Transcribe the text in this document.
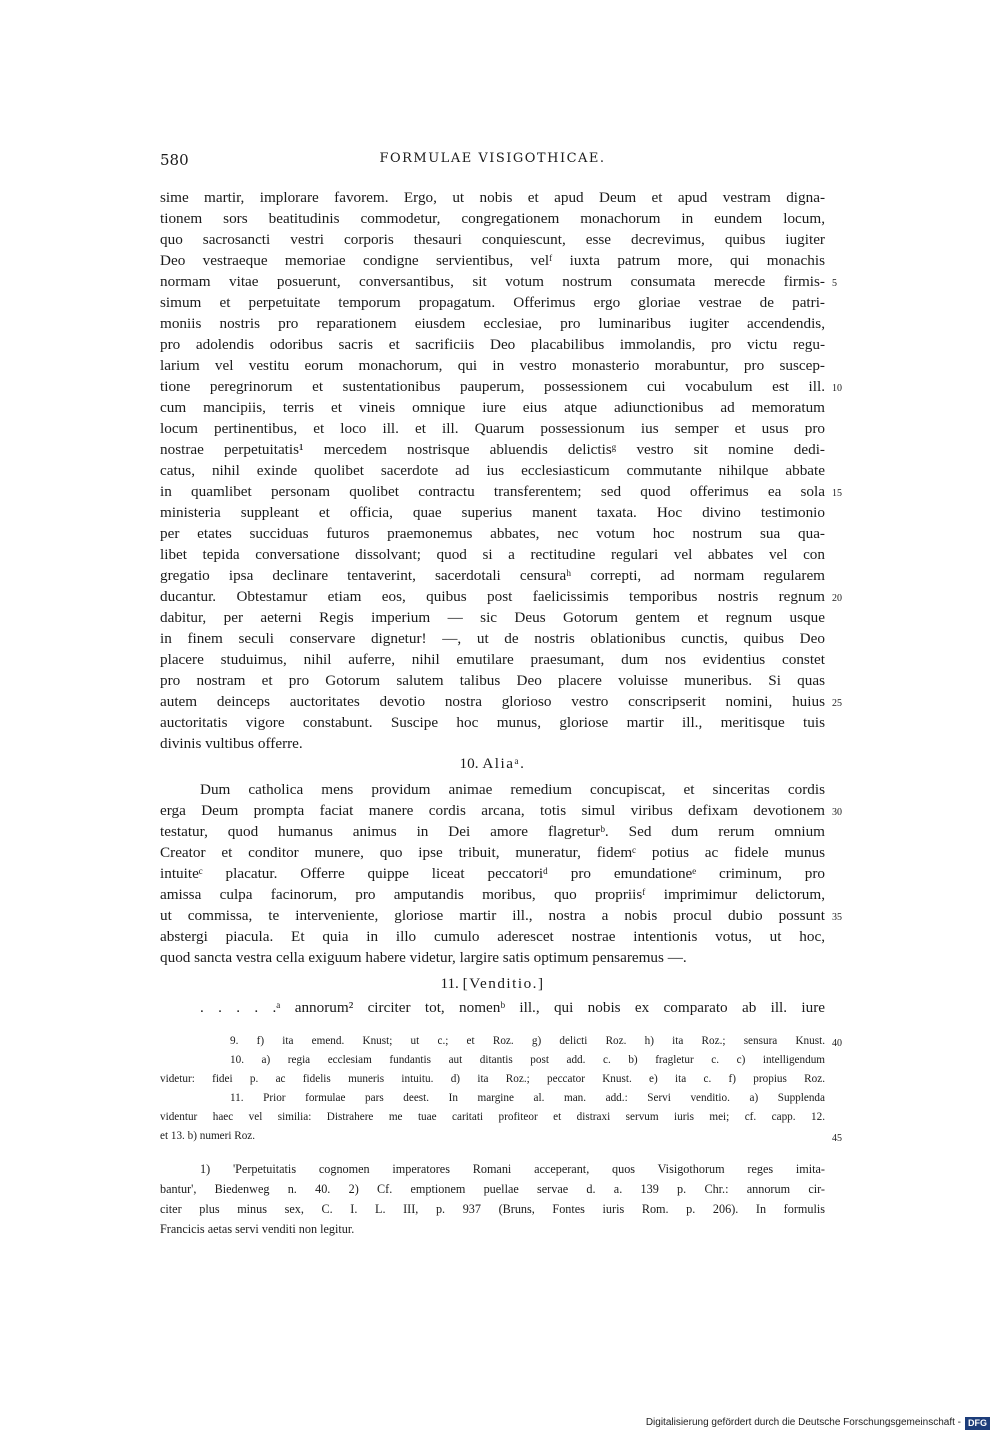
580	FORMULAE VISIGOTHICAE.
sime martir, implorare favorem. Ergo, ut nobis et apud Deum et apud vestram digna-
tionem sors beatitudinis commodetur, congregationem monachorum in eundem locum,
quo sacrosancti vestri corporis thesauri conquiescunt, esse decrevimus, quibus iugiter
Deo vestraeque memoriae condigne servientibus, velᶠ iuxta patrum more, qui monachis
normam vitae posuerunt, conversantibus, sit votum nostrum consumata merecde firmis-
simum et perpetuitate temporum propagatum. Offerimus ergo gloriae vestrae de patri-
moniis nostris pro reparationem eiusdem ecclesiae, pro luminaribus iugiter accendendis,
pro adolendis odoribus sacris et sacrificiis Deo placabilibus immolandis, pro victu regu-
larium vel vestitu eorum monachorum, qui in vestro monasterio morabuntur, pro suscep-
tione peregrinorum et sustentationibus pauperum, possessionem cui vocabulum est ill.
cum mancipiis, terris et vineis omnique iure eius atque adiunctionibus ad memoratum
locum pertinentibus, et loco ill. et ill. Quarum possessionum ius semper et usus pro
nostrae perpetuitatis¹ mercedem nostrisque abluendis delictisᵍ vestro sit nomine dedi-
catus, nihil exinde quolibet sacerdote ad ius ecclesiasticum commutante nihilque abbate
in quamlibet personam quolibet contractu transferentem; sed quod offerimus ea sola
ministeria suppleant et officia, quae superius manent taxata. Hoc divino testimonio
per etates succiduas futuros praemonemus abbates, nec votum hoc nostrum sua qua-
libet tepida conversatione dissolvant; quod si a rectitudine regulari vel abbates vel con
gregatio ipsa declinare tentaverint, sacerdotali censuraʰ correpti, ad normam regularem
ducantur. Obtestamur etiam eos, quibus post faelicissimis temporibus nostris regnum
dabitur, per aeterni Regis imperium — sic Deus Gotorum gentem et regnum usque
in finem seculi conservare dignetur! —, ut de nostris oblationibus cunctis, quibus Deo
placere studuimus, nihil auferre, nihil emutilare praesumant, dum nos evidentius constet
pro nostram et pro Gotorum salutem talibus Deo placere voluisse muneribus. Si quas
autem deinceps auctoritates devotio nostra glorioso vestro conscripserit nomini, huius
auctoritatis vigore constabunt. Suscipe hoc munus, gloriose martir ill., meritisque tuis
divinis vultibus offerre.
10. Aliaᵃ.
Dum catholica mens providum animae remedium concupiscat, et sinceritas cordis
erga Deum prompta faciat manere cordis arcana, totis simul viribus defixam devotionem
testatur, quod humanus animus in Dei amore flagreturᵇ. Sed dum rerum omnium
Creator et conditor munere, quo ipse tribuit, muneratur, fidemᶜ potius ac fidele munus
intuiteᶜ placatur. Offerre quippe liceat peccatoriᵈ pro emundationeᵉ criminum, pro
amissa culpa facinorum, pro amputandis moribus, quo propriisᶠ imprimimur delictorum,
ut commissa, te interveniente, gloriose martir ill., nostra a nobis procul dubio possunt
abstergi piacula. Et quia in illo cumulo aderescet nostrae intentionis votus, ut hoc,
quod sancta vestra cella exiguum habere videtur, largire satis optimum pensaremus —.
11. [Venditio.]
. . . . .ᵃ annorum² circiter tot, nomenᵇ ill., qui nobis ex comparato ab ill. iure
9. f) ita emend. Knust; ut c.; et Roz. g) delicti Roz. h) ita Roz.; sensura Knust.
10. a) regia ecclesiam fundantis aut ditantis post add. c. b) fragletur c. c) intelligendum
videtur: fidei p. ac fidelis muneris intuitu. d) ita Roz.; peccator Knust. e) ita c. f) propius Roz.
11. Prior formulae pars deest. In margine al. man. add.: Servi venditio. a) Supplenda
videntur haec vel similia: Distrahere me tuae caritati profiteor et distraxi servum iuris mei; cf. capp. 12.
et 13. b) numeri Roz.
1) 'Perpetuitatis cognomen imperatores Romani acceperant, quos Visigothorum reges imita-
bantur', Biedenweg n. 40. 2) Cf. emptionem puellae servae d. a. 139 p. Chr.: annorum cir-
citer plus minus sex, C. I. L. III, p. 937 (Bruns, Fontes iuris Rom. p. 206). In formulis
Francicis aetas servi venditi non legitur.
5
10
15
20
25
30
35
40
45
Digitalisierung gefördert durch die Deutsche Forschungsgemeinschaft - DFG
